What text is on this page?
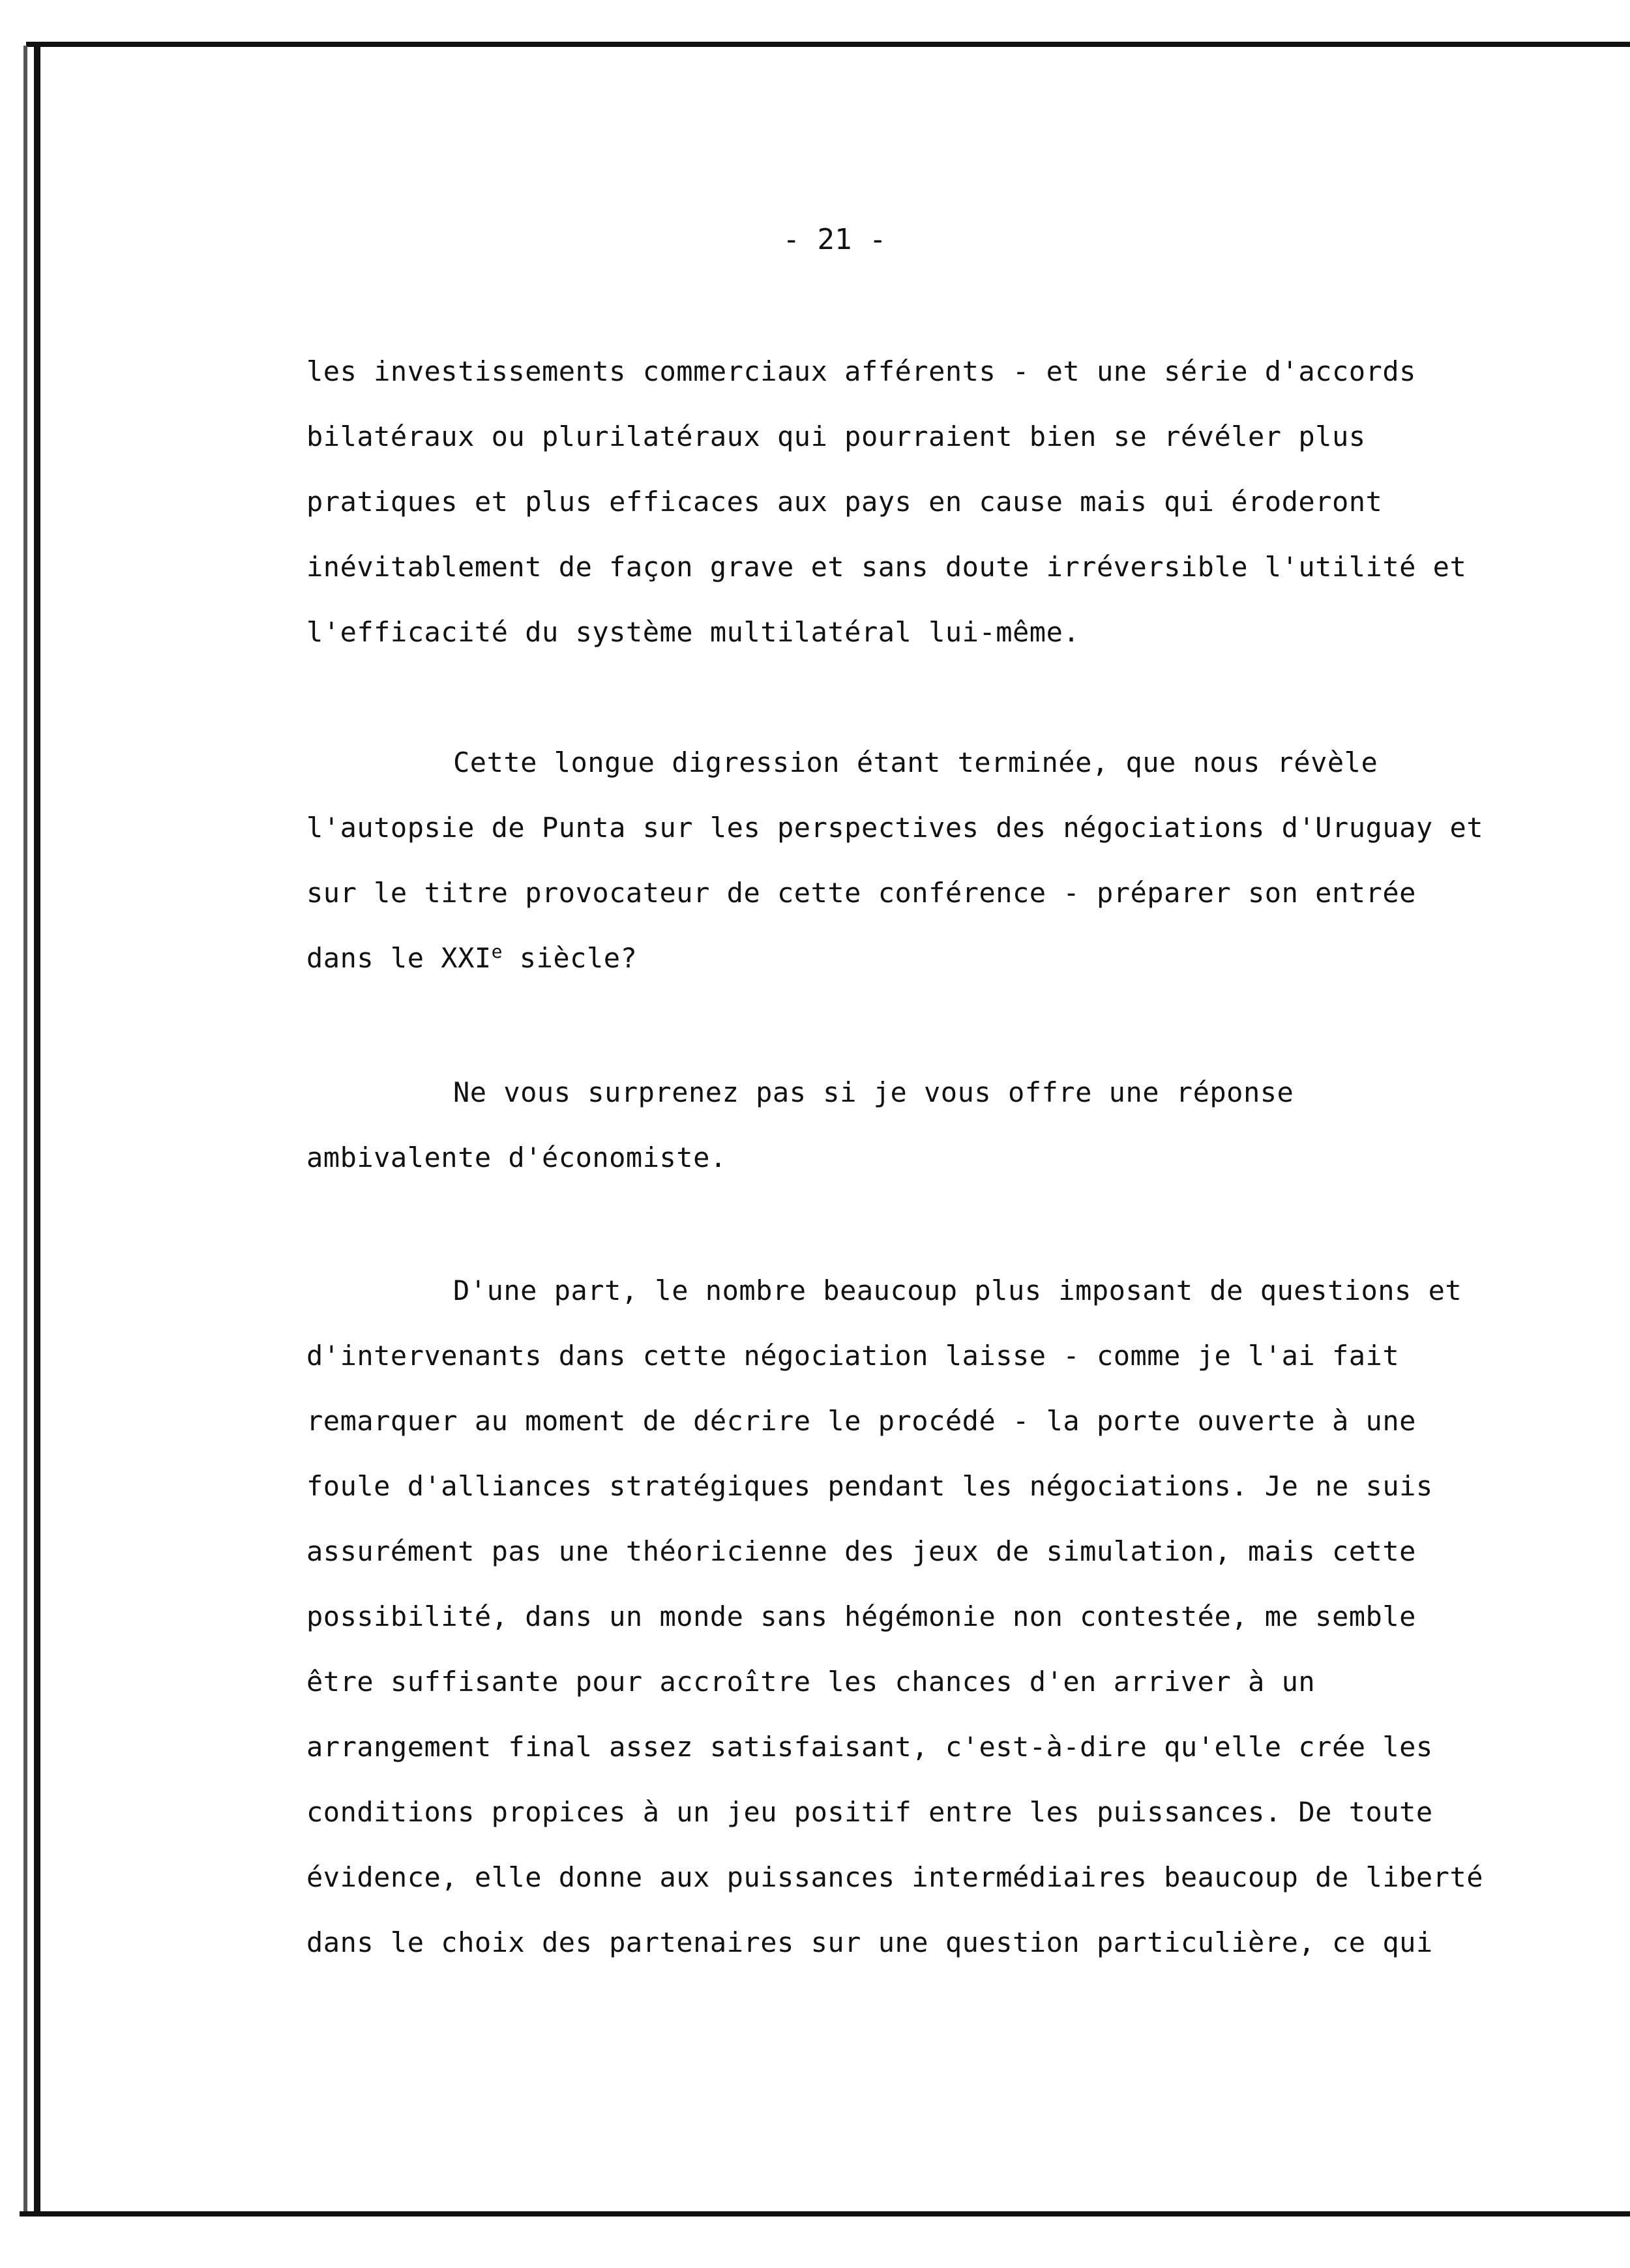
- 21 -
les investissements commerciaux afférents - et une série d'accords
bilatéraux ou plurilatéraux qui pourraient bien se révéler plus
pratiques et plus efficaces aux pays en cause mais qui éroderont
inévitablement de façon grave et sans doute irréversible l'utilité et
l'efficacité du système multilatéral lui-même.
Cette longue digression étant terminée, que nous révèle
l'autopsie de Punta sur les perspectives des négociations d'Uruguay et
sur le titre provocateur de cette conférence - préparer son entrée
dans le XXIe siècle?
Ne vous surprenez pas si je vous offre une réponse
ambivalente d'économiste.
D'une part, le nombre beaucoup plus imposant de questions et
d'intervenants dans cette négociation laisse - comme je l'ai fait
remarquer au moment de décrire le procédé - la porte ouverte à une
foule d'alliances stratégiques pendant les négociations. Je ne suis
assurément pas une théoricienne des jeux de simulation, mais cette
possibilité, dans un monde sans hégémonie non contestée, me semble
être suffisante pour accroître les chances d'en arriver à un
arrangement final assez satisfaisant, c'est-à-dire qu'elle crée les
conditions propices à un jeu positif entre les puissances. De toute
évidence, elle donne aux puissances intermédiaires beaucoup de liberté
dans le choix des partenaires sur une question particulière, ce qui
